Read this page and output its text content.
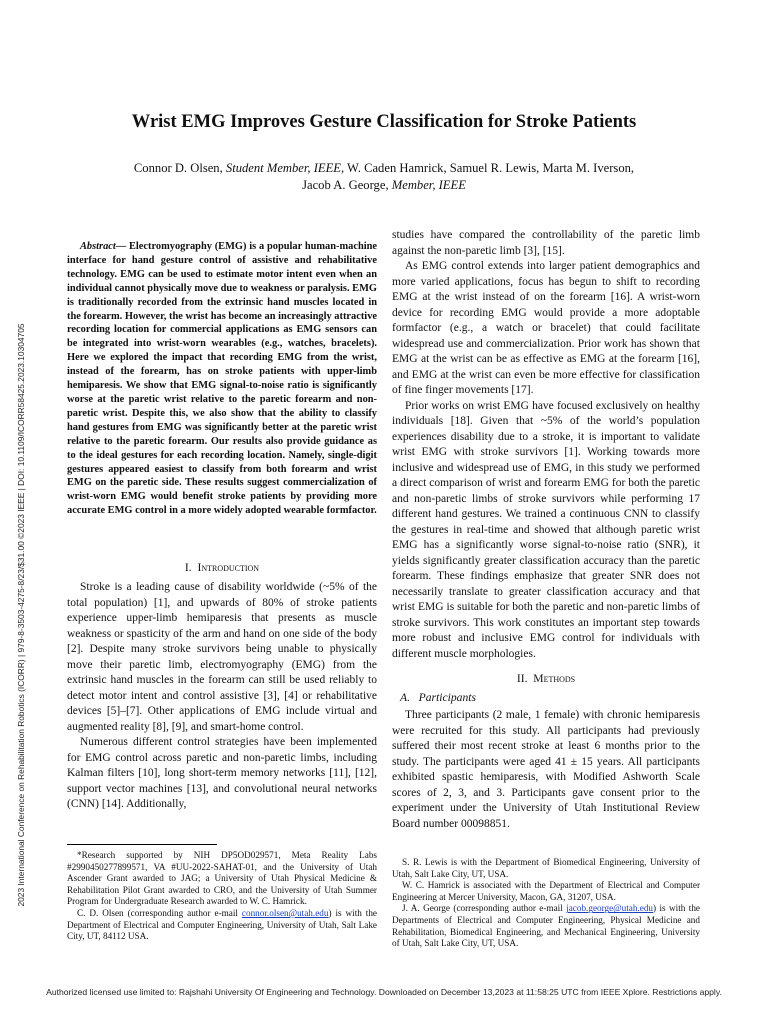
Wrist EMG Improves Gesture Classification for Stroke Patients
Connor D. Olsen, Student Member, IEEE, W. Caden Hamrick, Samuel R. Lewis, Marta M. Iverson,
Jacob A. George, Member, IEEE
Abstract— Electromyography (EMG) is a popular human-machine interface for hand gesture control of assistive and rehabilitative technology. EMG can be used to estimate motor intent even when an individual cannot physically move due to weakness or paralysis. EMG is traditionally recorded from the extrinsic hand muscles located in the forearm. However, the wrist has become an increasingly attractive recording location for commercial applications as EMG sensors can be integrated into wrist-worn wearables (e.g., watches, bracelets). Here we explored the impact that recording EMG from the wrist, instead of the forearm, has on stroke patients with upper-limb hemiparesis. We show that EMG signal-to-noise ratio is significantly worse at the paretic wrist relative to the paretic forearm and non-paretic wrist. Despite this, we also show that the ability to classify hand gestures from EMG was significantly better at the paretic wrist relative to the paretic forearm. Our results also provide guidance as to the ideal gestures for each recording location. Namely, single-digit gestures appeared easiest to classify from both forearm and wrist EMG on the paretic side. These results suggest commercialization of wrist-worn EMG would benefit stroke patients by providing more accurate EMG control in a more widely adopted wearable formfactor.
I. Introduction

Stroke is a leading cause of disability worldwide (~5% of the total population) [1], and upwards of 80% of stroke patients experience upper-limb hemiparesis that presents as muscle weakness or spasticity of the arm and hand on one side of the body [2]. Despite many stroke survivors being unable to physically move their paretic limb, electromyography (EMG) from the extrinsic hand muscles in the forearm can still be used reliably to detect motor intent and control assistive [3], [4] or rehabilitative devices [5]–[7]. Other applications of EMG include virtual and augmented reality [8], [9], and smart-home control.

Numerous different control strategies have been implemented for EMG control across paretic and non-paretic limbs, including Kalman filters [10], long short-term memory networks [11], [12], support vector machines [13], and convolutional neural networks (CNN) [14]. Additionally,

studies have compared the controllability of the paretic limb against the non-paretic limb [3], [15].

As EMG control extends into larger patient demographics and more varied applications, focus has begun to shift to recording EMG at the wrist instead of on the forearm [16]. A wrist-worn device for recording EMG would provide a more adoptable formfactor (e.g., a watch or bracelet) that could facilitate widespread use and commercialization. Prior work has shown that EMG at the wrist can be as effective as EMG at the forearm [16], and EMG at the wrist can even be more effective for classification of fine finger movements [17].

Prior works on wrist EMG have focused exclusively on healthy individuals [18]. Given that ~5% of the world’s population experiences disability due to a stroke, it is important to validate wrist EMG with stroke survivors [1]. Working towards more inclusive and widespread use of EMG, in this study we performed a direct comparison of wrist and forearm EMG for both the paretic and non-paretic limbs of stroke survivors while performing 17 different hand gestures. We trained a continuous CNN to classify the gestures in real-time and showed that although paretic wrist EMG has a significantly worse signal-to-noise ratio (SNR), it yields significantly greater classification accuracy than the paretic forearm. These findings emphasize that greater SNR does not necessarily translate to greater classification accuracy and that wrist EMG is suitable for both the paretic and non-paretic limbs of stroke survivors. This work constitutes an important step towards more robust and inclusive EMG control for individuals with different muscle morphologies.

II. Methods
A.   Participants

Three participants (2 male, 1 female) with chronic hemiparesis were recruited for this study. All participants had previously suffered their most recent stroke at least 6 months prior to the study. The participants were aged 41 ± 15 years. All participants exhibited spastic hemiparesis, with Modified Ashworth Scale scores of 2, 3, and 3. Participants gave consent prior to the experiment under the University of Utah Institutional Review Board number 00098851.

*Research supported by NIH DP5OD029571, Meta Reality Labs #2990450277899571, VA #UU-2022-SAHAT-01, and the University of Utah Ascender Grant awarded to JAG; a University of Utah Physical Medicine & Rehabilitation Pilot Grant awarded to CRO, and the University of Utah Summer Program for Undergraduate Research awarded to W. C. Hamrick.

C. D. Olsen (corresponding author e-mail connor.olsen@utah.edu) is with the Department of Electrical and Computer Engineering, University of Utah, Salt Lake City, UT, 84112 USA.

S. R. Lewis is with the Department of Biomedical Engineering, University of Utah, Salt Lake City, UT, USA.

W. C. Hamrick is associated with the Department of Electrical and Computer Engineering at Mercer University, Macon, GA, 31207, USA.

J. A. George (corresponding author e-mail jacob.george@utah.edu) is with the Departments of Electrical and Computer Engineering, Physical Medicine and Rehabilitation, Biomedical Engineering, and Mechanical Engineering, University of Utah, Salt Lake City, UT, USA.

2023 International Conference on Rehabilitation Robotics (ICORR) | 979-8-3503-4275-8/23/$31.00 ©2023 IEEE | DOI: 10.1109/ICORR58425.2023.10304705
Authorized licensed use limited to: Rajshahi University Of Engineering and Technology. Downloaded on December 13,2023 at 11:58:25 UTC from IEEE Xplore. Restrictions apply.
